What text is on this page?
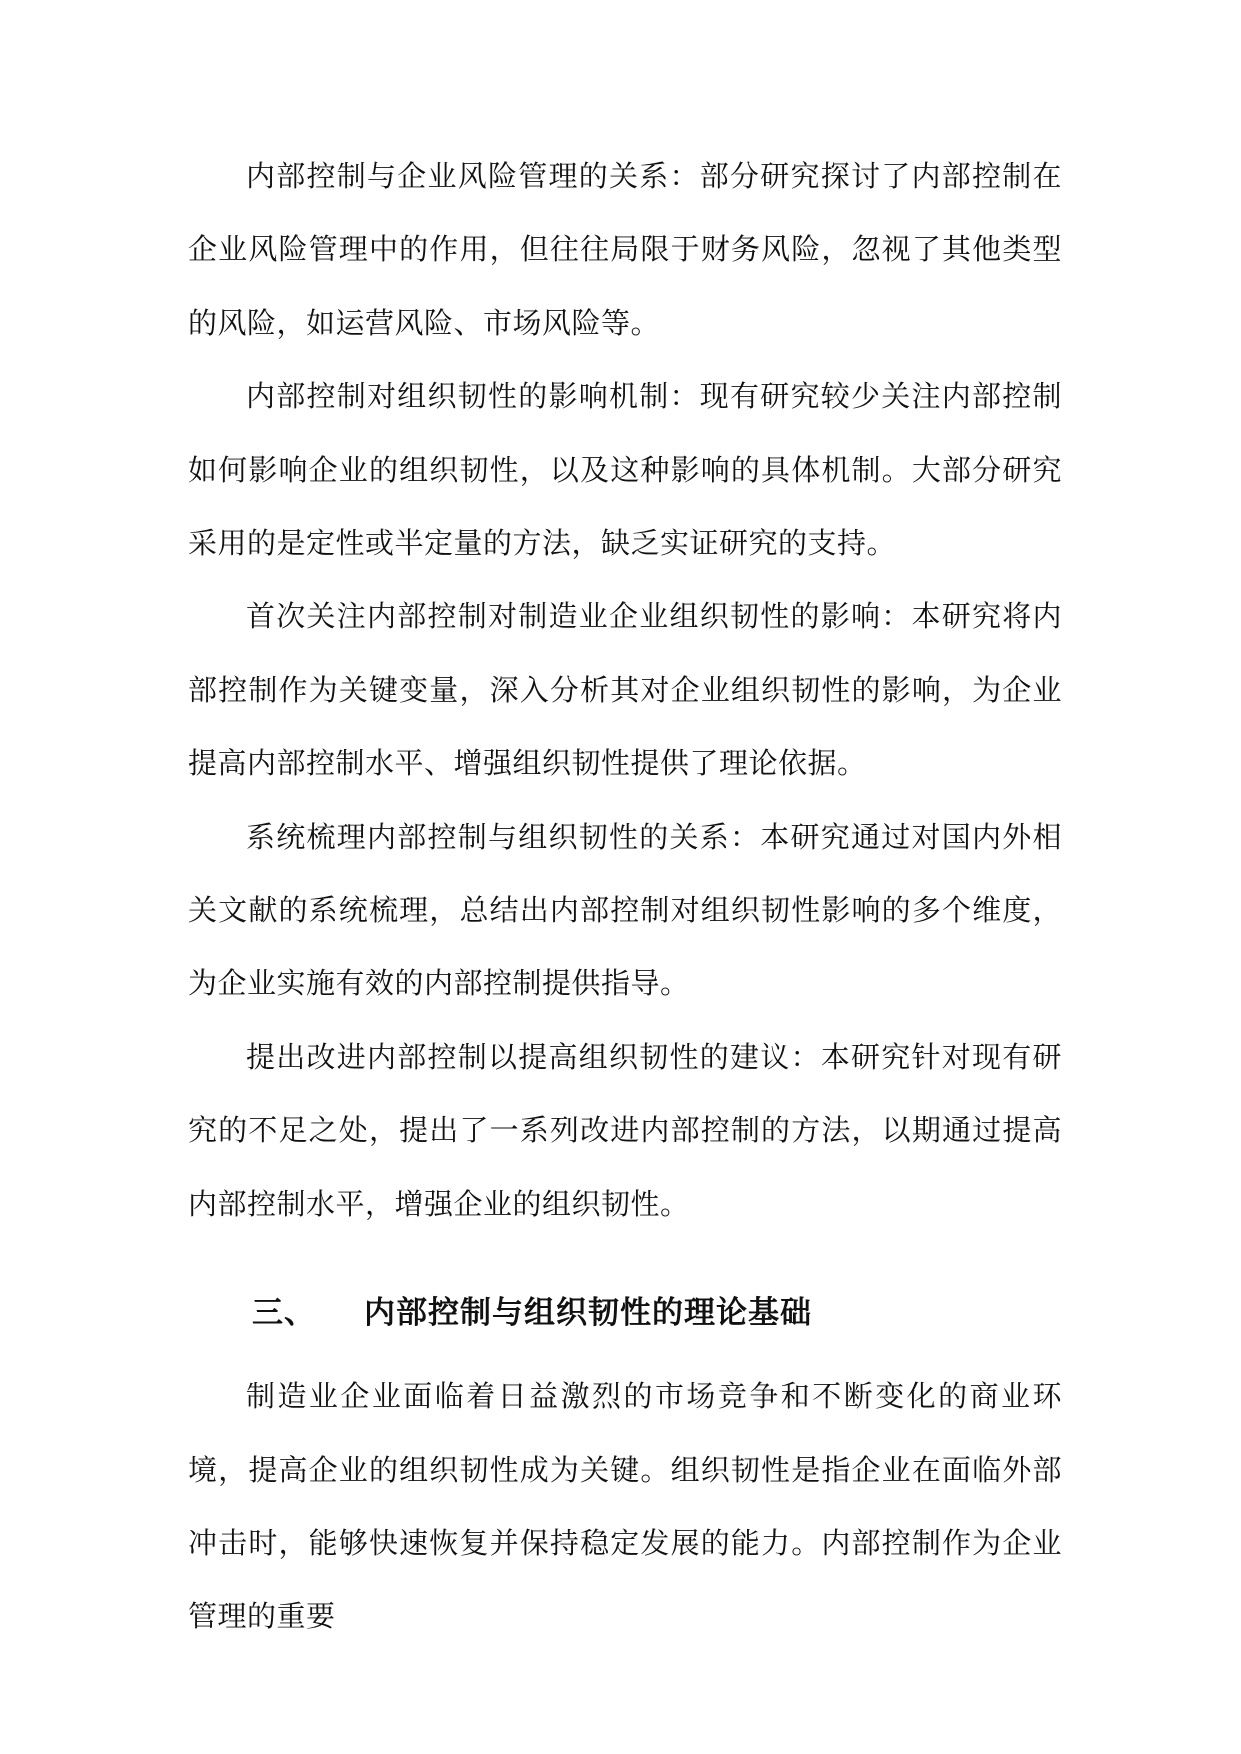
内部控制与企业风险管理的关系：部分研究探讨了内部控制在企业风险管理中的作用，但往往局限于财务风险，忽视了其他类型的风险，如运营风险、市场风险等。

内部控制对组织韧性的影响机制：现有研究较少关注内部控制如何影响企业的组织韧性，以及这种影响的具体机制。大部分研究采用的是定性或半定量的方法，缺乏实证研究的支持。

首次关注内部控制对制造业企业组织韧性的影响：本研究将内部控制作为关键变量，深入分析其对企业组织韧性的影响，为企业提高内部控制水平、增强组织韧性提供了理论依据。

系统梳理内部控制与组织韧性的关系：本研究通过对国内外相关文献的系统梳理，总结出内部控制对组织韧性影响的多个维度，为企业实施有效的内部控制提供指导。

提出改进内部控制以提高组织韧性的建议：本研究针对现有研究的不足之处，提出了一系列改进内部控制的方法，以期通过提高内部控制水平，增强企业的组织韧性。

三、 内部控制与组织韧性的理论基础

制造业企业面临着日益激烈的市场竞争和不断变化的商业环境，提高企业的组织韧性成为关键。组织韧性是指企业在面临外部冲击时，能够快速恢复并保持稳定发展的能力。内部控制作为企业管理的重要
